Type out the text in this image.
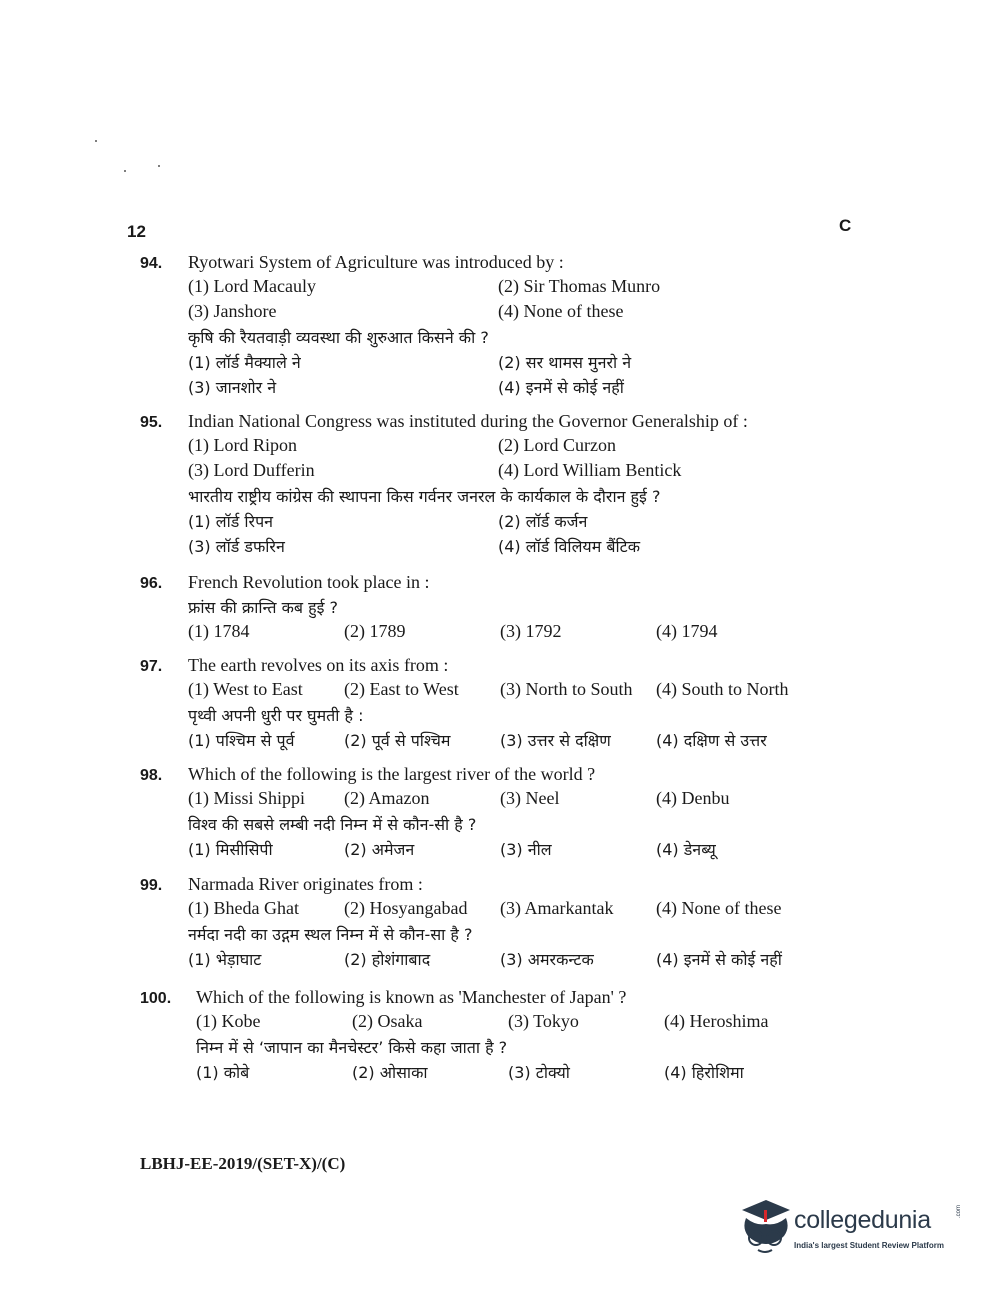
12	C
94.	Ryotwari System of Agriculture was introduced by :
(1) Lord Macauly	(2) Sir Thomas Munro
(3) Janshore	(4) None of these
कृषि की रैयतवाड़ी व्यवस्था की शुरुआत किसने की ?
(1) लॉर्ड मैक्याले ने	(2) सर थामस मुनरो ने
(3) जानशोर ने	(4) इनमें से कोई नहीं
95.	Indian National Congress was instituted during the Governor Generalship of :
(1) Lord Ripon	(2) Lord Curzon
(3) Lord Dufferin	(4) Lord William Bentick
भारतीय राष्ट्रीय कांग्रेस की स्थापना किस गर्वनर जनरल के कार्यकाल के दौरान हुई ?
(1) लॉर्ड रिपन	(2) लॉर्ड कर्जन
(3) लॉर्ड डफरिन	(4) लॉर्ड विलियम बैंटिक
96.	French Revolution took place in :
फ्रांस की क्रान्ति कब हुई ?
(1) 1784	(2) 1789	(3) 1792	(4) 1794
97.	The earth revolves on its axis from :
(1) West to East	(2) East to West	(3) North to South	(4) South to North
पृथ्वी अपनी धुरी पर घुमती है :
(1) पश्चिम से पूर्व	(2) पूर्व से पश्चिम	(3) उत्तर से दक्षिण	(4) दक्षिण से उत्तर
98.	Which of the following is the largest river of the world ?
(1) Missi Shippi	(2) Amazon	(3) Neel	(4) Denbu
विश्व की सबसे लम्बी नदी निम्न में से कौन-सी है ?
(1) मिसीसिपी	(2) अमेजन	(3) नील	(4) डेनब्यू
99.	Narmada River originates from :
(1) Bheda Ghat	(2) Hosyangabad	(3) Amarkantak	(4) None of these
नर्मदा नदी का उद्गम स्थल निम्न में से कौन-सा है ?
(1) भेड़ाघाट	(2) होशंगाबाद	(3) अमरकन्टक	(4) इनमें से कोई नहीं
100.	Which of the following is known as 'Manchester of Japan' ?
(1) Kobe	(2) Osaka	(3) Tokyo	(4) Heroshima
निम्न में से ‘जापान का मैनचेस्टर’ किसे कहा जाता है ?
(1) कोबे	(2) ओसाका	(3) टोक्यो	(4) हिरोशिमा
LBHJ-EE-2019/(SET-X)/(C)
collegedunia	.com
India's largest Student Review Platform
